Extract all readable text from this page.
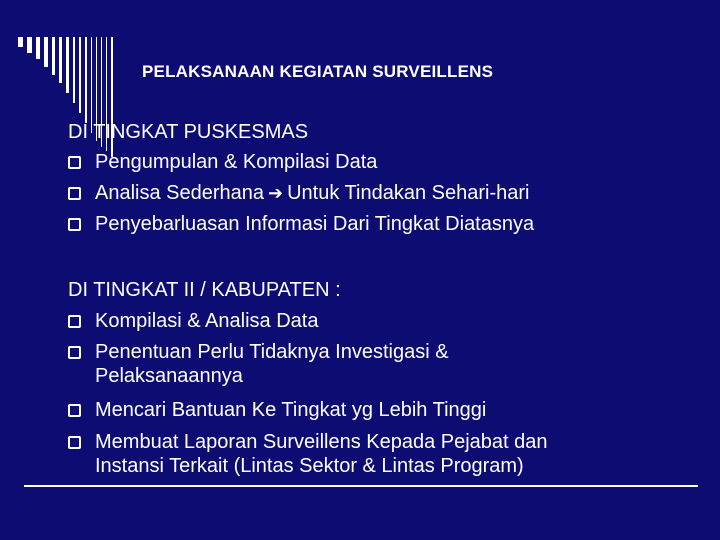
PELAKSANAAN KEGIATAN SURVEILLENS
DI TINGKAT PUSKESMAS
Pengumpulan & Kompilasi Data
Analisa Sederhana ➔ Untuk Tindakan Sehari-hari
Penyebarluasan Informasi Dari Tingkat Diatasnya
DI TINGKAT II / KABUPATEN :
Kompilasi & Analisa Data
Penentuan Perlu Tidaknya Investigasi &
Pelaksanaannya
Mencari Bantuan Ke Tingkat yg Lebih Tinggi
Membuat Laporan Surveillens Kepada Pejabat dan
Instansi Terkait (Lintas Sektor & Lintas Program)
